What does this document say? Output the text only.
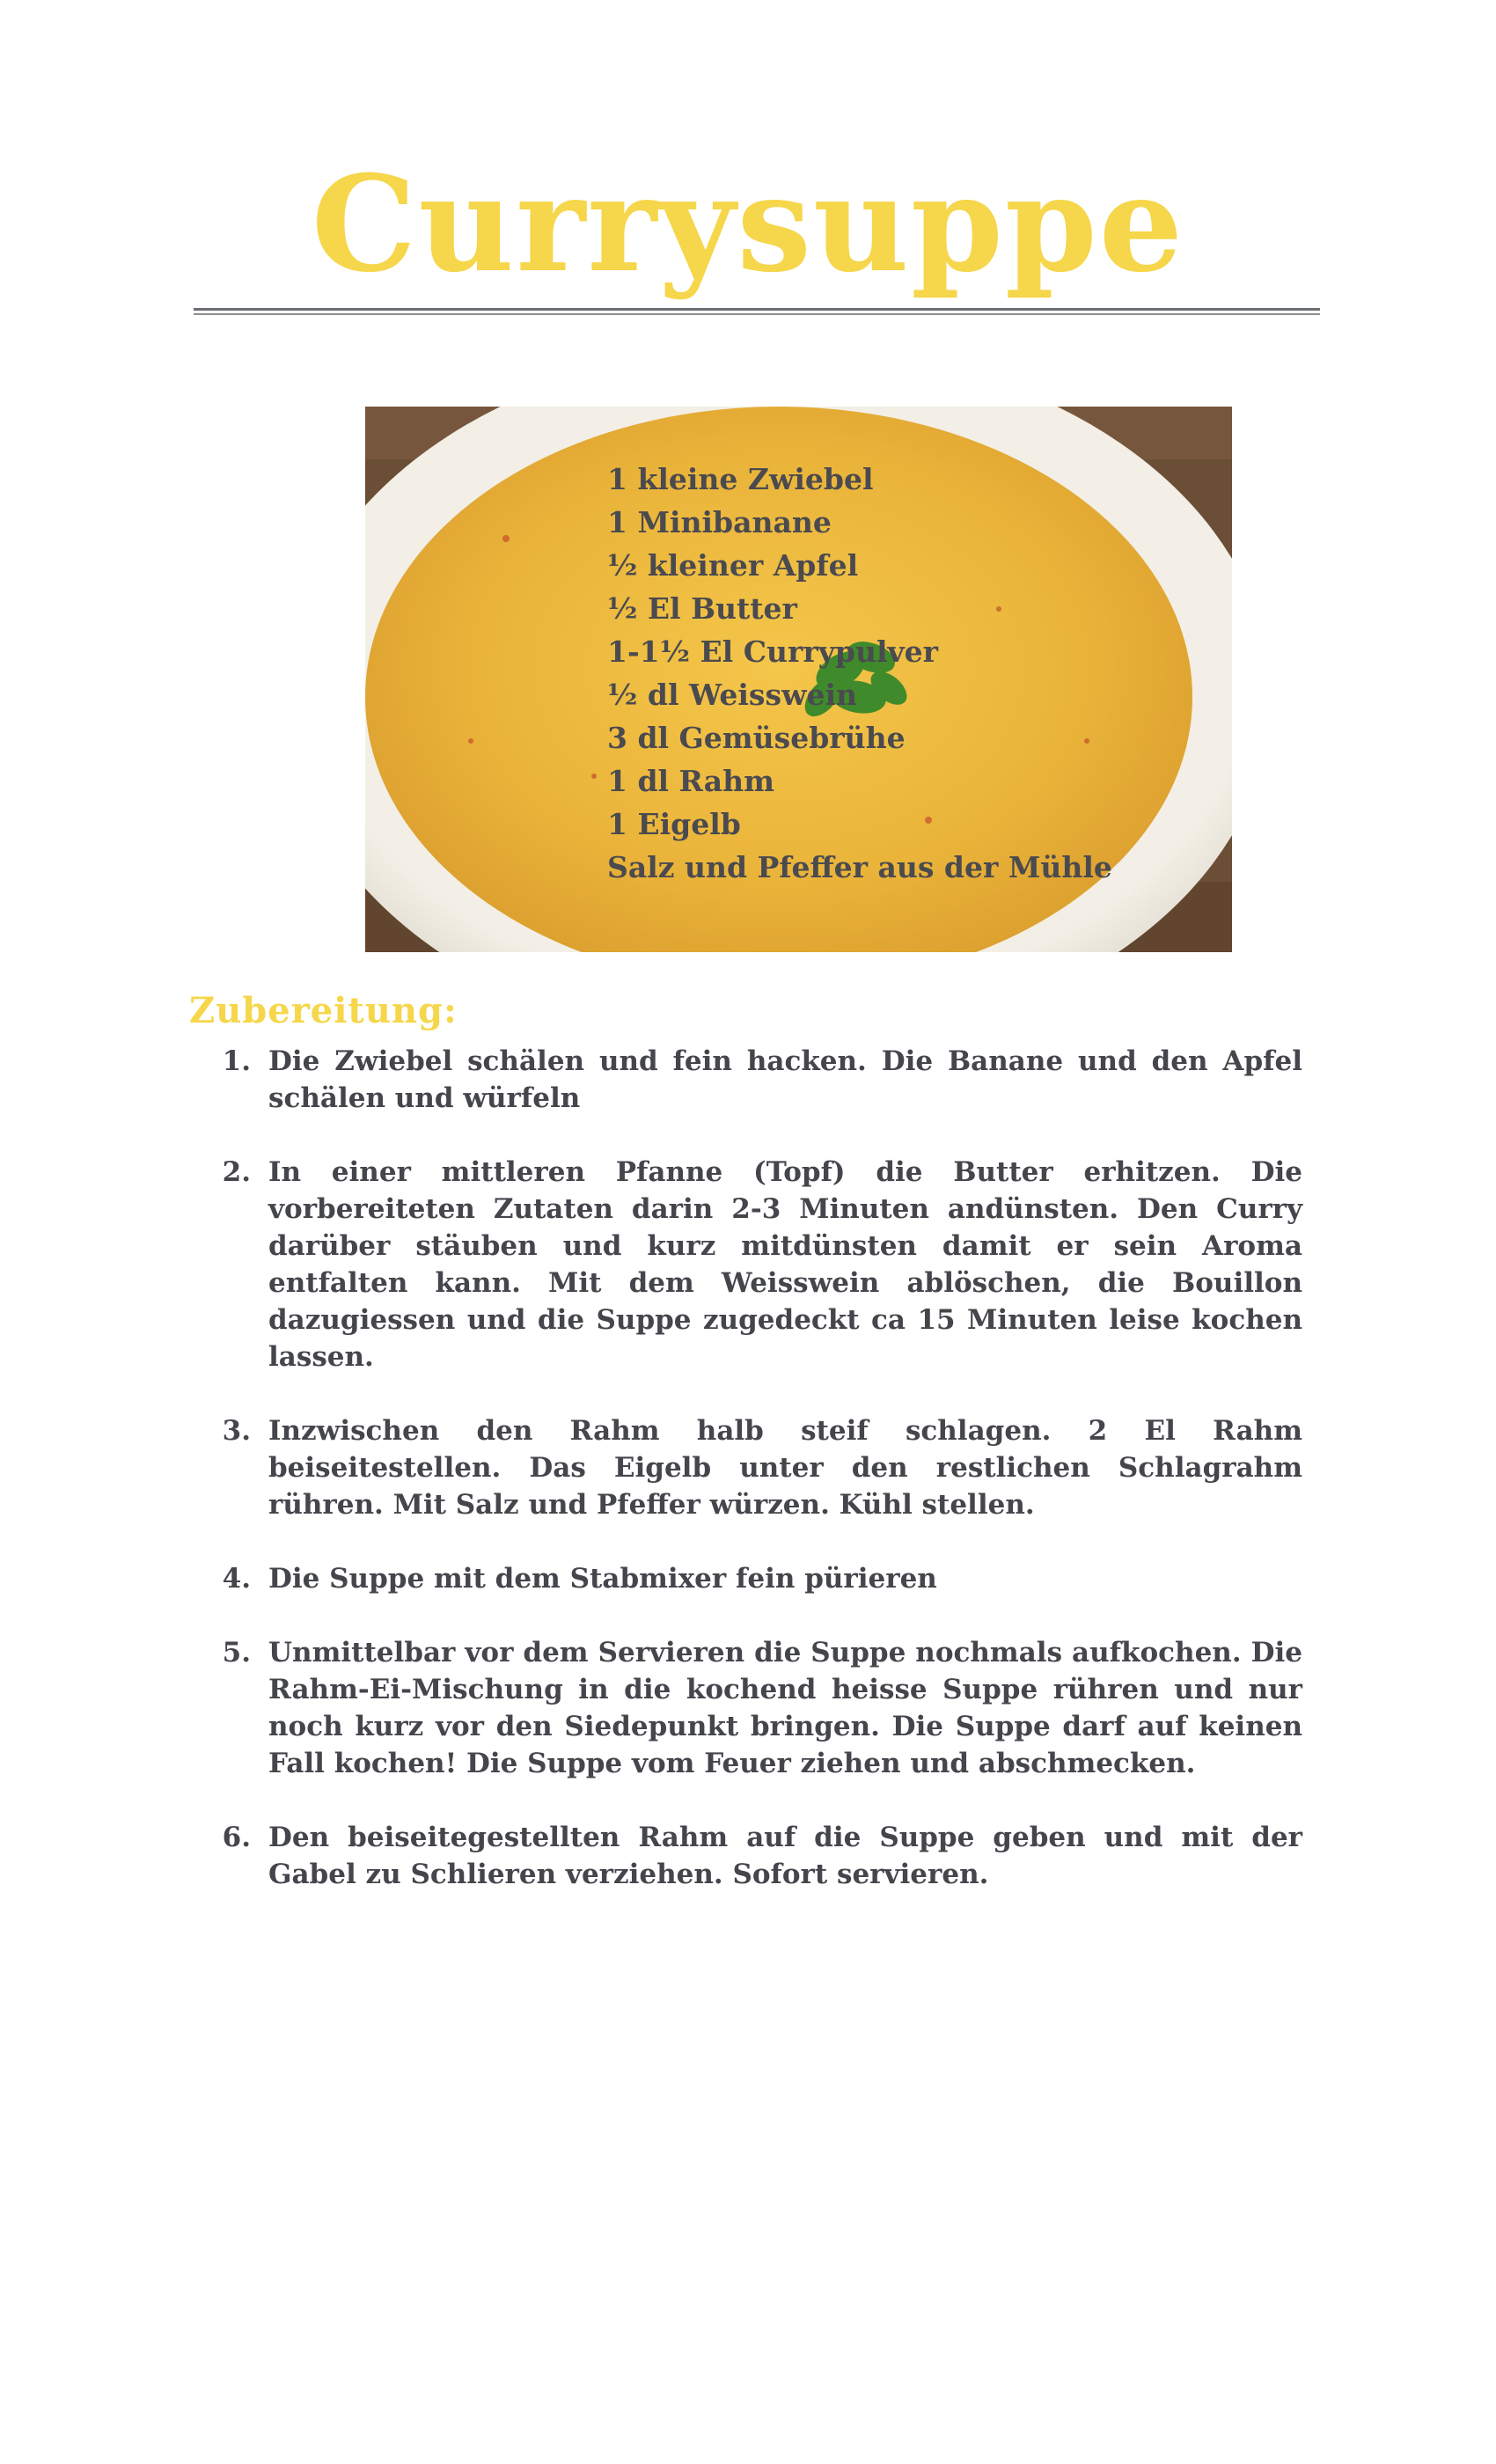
Currysuppe
1 kleine Zwiebel
1 Minibanane
½ kleiner Apfel
½ El Butter
1-1½ El Currypulver
½ dl Weisswein
3 dl Gemüsebrühe
1 dl Rahm
1 Eigelb
Salz und Pfeffer aus der Mühle
Zubereitung:
1. Die Zwiebel schälen und fein hacken. Die Banane und den Apfel schälen und würfeln
2. In einer mittleren Pfanne (Topf) die Butter erhitzen. Die vorbereiteten Zutaten darin 2-3 Minuten andünsten. Den Curry darüber stäuben und kurz mitdünsten damit er sein Aroma entfalten kann. Mit dem Weisswein ablöschen, die Bouillon dazugiessen und die Suppe zugedeckt ca 15 Minuten leise kochen lassen.
3. Inzwischen den Rahm halb steif schlagen. 2 El Rahm beiseitestellen. Das Eigelb unter den restlichen Schlagrahm rühren. Mit Salz und Pfeffer würzen. Kühl stellen.
4. Die Suppe mit dem Stabmixer fein pürieren
5. Unmittelbar vor dem Servieren die Suppe nochmals aufkochen. Die Rahm-Ei-Mischung in die kochend heisse Suppe rühren und nur noch kurz vor den Siedepunkt bringen. Die Suppe darf auf keinen Fall kochen! Die Suppe vom Feuer ziehen und abschmecken.
6. Den beiseitegestellten Rahm auf die Suppe geben und mit der Gabel zu Schlieren verziehen. Sofort servieren.
